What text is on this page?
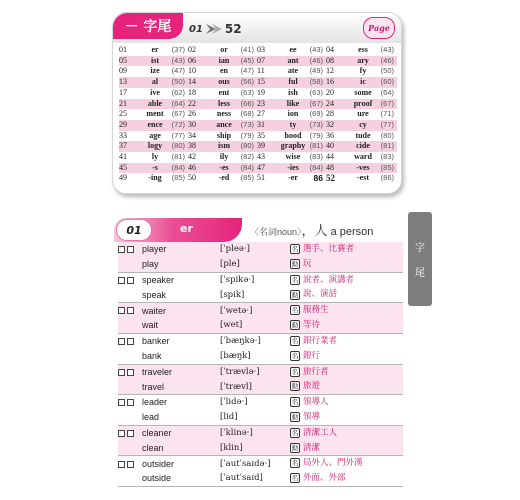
－ 字尾 01 52	Page
01	er	( 37 )	02	or	( 41 )	03	ee	( 43 )	04	ess	( 43 )
05	ist	( 43 )	06	ian	( 45 )	07	ant	( 46 )	08	ary	( 46 )
09	ize	( 47 )	10	en	( 47 )	11	ate	( 49 )	12	fy	( 50 )
13	al	( 50 )	14	ous	( 56 )	15	ful	( 58 )	16	ic	( 60 )
17	ive	( 62 )	18	ent	( 63 )	19	ish	( 63 )	20	some	( 64 )
21	able	( 64 )	22	less	( 66 )	23	like	( 67 )	24	proof	( 67 )
25	ment	( 67 )	26	ness	( 68 )	27	ion	( 69 )	28	ure	( 71 )
29	ence	( 72 )	30	ance	( 73 )	31	ty	( 73 )	32	cy	( 77 )
33	age	( 77 )	34	ship	( 79 )	35	hood	( 79 )	36	tude	( 80 )
37	logy	( 80 )	38	ism	( 80 )	39	graphy	( 81 )	40	cide	( 81 )
41	ly	( 81 )	42	ily	( 82 )	43	wise	( 83 )	44	ward	( 83 )
45	-s	( 84 )	46	-es	( 84 )	47	-ies	( 84 )	48	-ves	( 85 )
49	-ing	( 85 )	50	-ed	( 85 )	51	-er	86	52	-est	( 86 )
01	er	〈名詞noun〉，人 a person
字
尾
	player	[ˈpleə·]	名 選手、比賽者
	play	[ple]	動 玩
	speaker	[ˈspikə·]	名 說者、演講者
	speak	[spik]	動 說、演話
	waiter	[ˈwetə·]	名 服務生
	wait	[wet]	動 等待
	banker	[ˈbæŋkə·]	名 銀行業者
	bank	[bæŋk]	名 銀行
	traveler	[ˈtrævlə·]	名 旅行者
	travel	[ˈtrævl]	動 旅遊
	leader	[ˈlidə·]	名 領導人
	lead	[lid]	動 領導
	cleaner	[ˈklinə·]	名 清潔工人
	clean	[klin]	動 清潔
	outsider	[ˈautˈsaɪdə·]	名 局外人、門外漢
	outside	[ˈautˈsaɪd]	名 外面、外部
